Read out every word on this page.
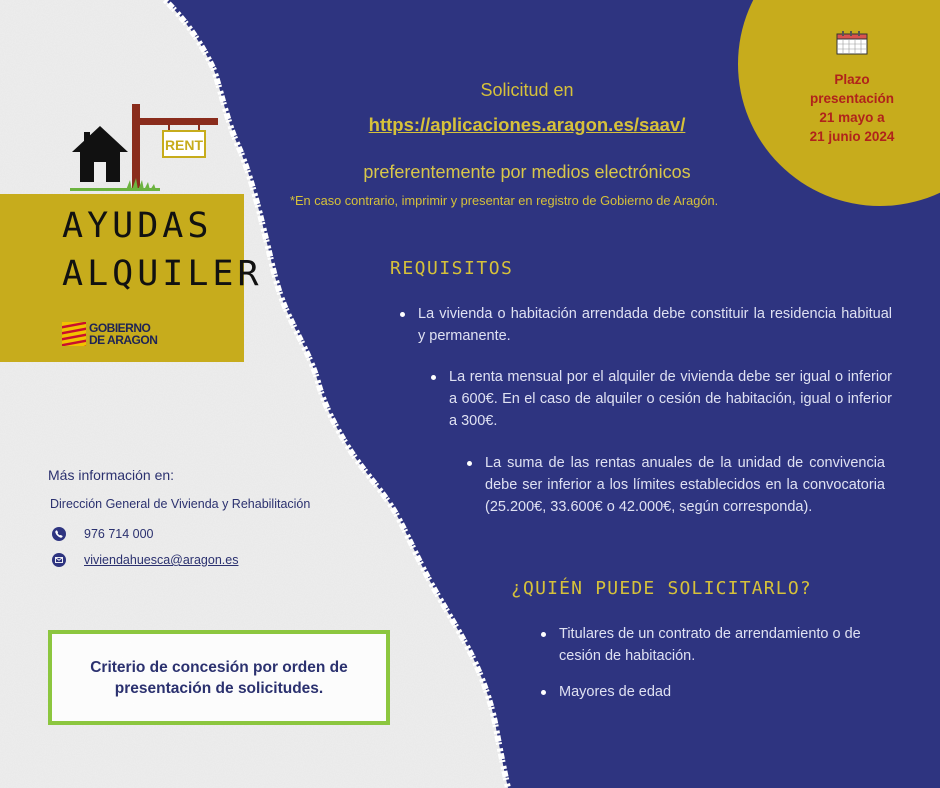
Plazo
presentación
21 mayo a
21 junio 2024
RENT
AYUDAS
ALQUILER
GOBIERNO
DE ARAGON
Solicitud en
https://aplicaciones.aragon.es/saav/
preferentemente por medios electrónicos
*En caso contrario, imprimir y presentar en registro de Gobierno de Aragón.
REQUISITOS
La vivienda o habitación arrendada debe constituir la residencia habitual y permanente.
La renta mensual por el alquiler de vivienda debe ser igual o inferior a 600€. En el caso de alquiler o cesión de habitación, igual o inferior a 300€.
La suma de las rentas anuales de la unidad de convivencia debe ser inferior a los límites establecidos en la convocatoria (25.200€, 33.600€ o 42.000€, según corresponda).
¿QUIÉN PUEDE SOLICITARLO?
Titulares de un contrato de arrendamiento o de cesión de habitación.
Mayores de edad
Más información en:
Dirección General de Vivienda y Rehabilitación
976 714 000
viviendahuesca@aragon.es

Criterio de concesión por orden de presentación de solicitudes.
